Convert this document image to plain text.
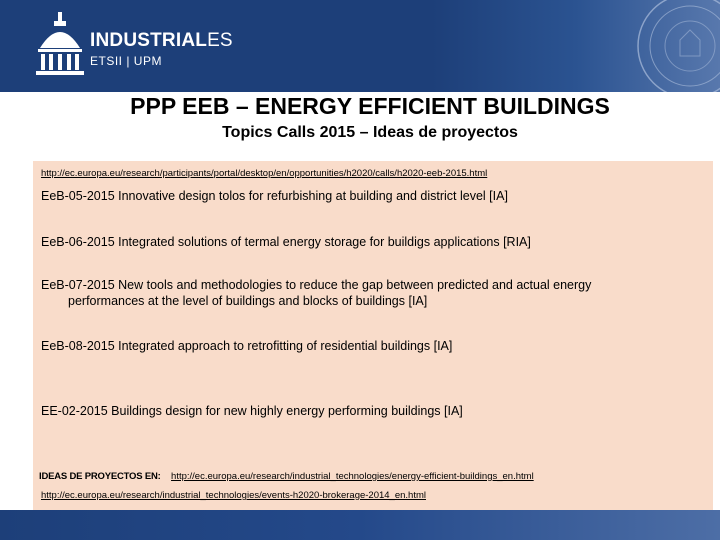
INDUSTRIALES
ETSII | UPM
PPP EEB – ENERGY EFFICIENT BUILDINGS
Topics Calls 2015 – Ideas de proyectos
http://ec.europa.eu/research/participants/portal/desktop/en/opportunities/h2020/calls/h2020-eeb-2015.html
EeB-05-2015 Innovative design tolos for refurbishing at building and district level [IA]
EeB-06-2015 Integrated solutions of termal energy storage for buildigs applications [RIA]
EeB-07-2015 New tools and methodologies to reduce the gap between predicted and actual energy
performances at the level of buildings and blocks of buildings [IA]
EeB-08-2015 Integrated approach to retrofitting of residential buildings [IA]
EE-02-2015 Buildings design for new highly energy performing buildings [IA]
IDEAS DE PROYECTOS EN: http://ec.europa.eu/research/industrial_technologies/energy-efficient-buildings_en.html
http://ec.europa.eu/research/industrial_technologies/events-h2020-brokerage-2014_en.html
